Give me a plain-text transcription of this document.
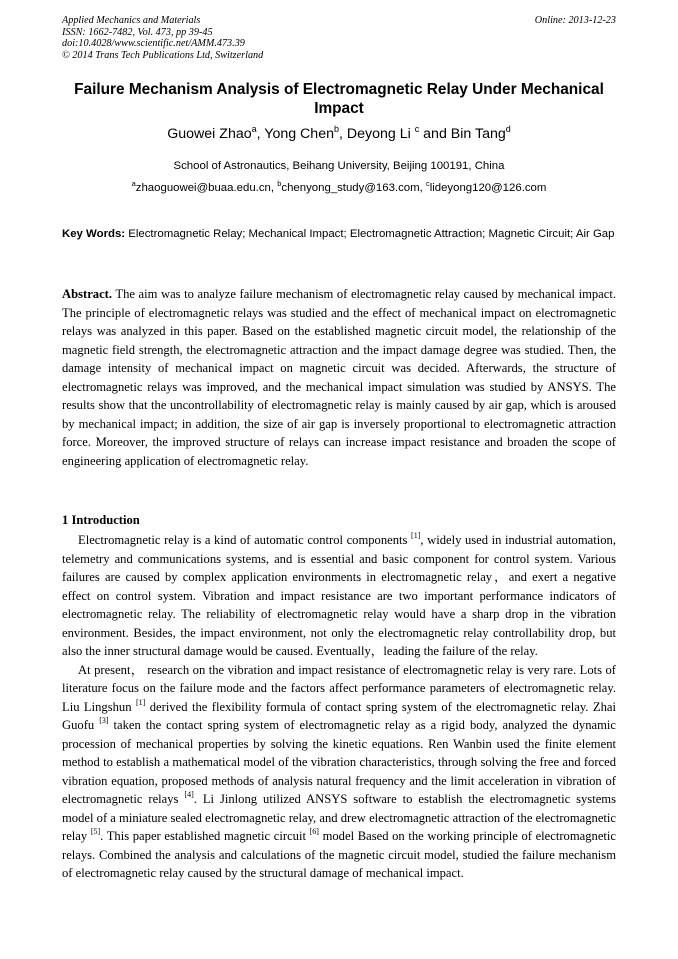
Applied Mechanics and Materials
ISSN: 1662-7482, Vol. 473, pp 39-45
doi:10.4028/www.scientific.net/AMM.473.39
© 2014 Trans Tech Publications Ltd, Switzerland
Online: 2013-12-23
Failure Mechanism Analysis of Electromagnetic Relay Under Mechanical Impact
Guowei Zhao$^a$, Yong Chen$^b$, Deyong Li $^c$ and Bin Tang$^d$
School of Astronautics, Beihang University, Beijing 100191, China
$^a$zhaoguowei@buaa.edu.cn, $^b$chenyong_study@163.com, $^c$lideyong120@126.com
Key Words: Electromagnetic Relay; Mechanical Impact; Electromagnetic Attraction; Magnetic Circuit; Air Gap
Abstract. The aim was to analyze failure mechanism of electromagnetic relay caused by mechanical impact. The principle of electromagnetic relays was studied and the effect of mechanical impact on electromagnetic relays was analyzed in this paper. Based on the established magnetic circuit model, the relationship of the magnetic field strength, the electromagnetic attraction and the impact damage degree was studied. Then, the damage intensity of mechanical impact on magnetic circuit was decided. Afterwards, the structure of electromagnetic relays was improved, and the mechanical impact simulation was studied by ANSYS. The results show that the uncontrollability of electromagnetic relay is mainly caused by air gap, which is aroused by mechanical impact; in addition, the size of air gap is inversely proportional to electromagnetic attraction force. Moreover, the improved structure of relays can increase impact resistance and broaden the scope of engineering application of electromagnetic relay.
1 Introduction

Electromagnetic relay is a kind of automatic control components [1], widely used in industrial automation, telemetry and communications systems, and is essential and basic component for control system. Various failures are caused by complex application environments in electromagnetic relay，and exert a negative effect on control system. Vibration and impact resistance are two important performance indicators of electromagnetic relay. The reliability of electromagnetic relay would have a sharp drop in the vibration environment. Besides, the impact environment, not only the electromagnetic relay controllability drop, but also the inner structural damage would be caused. Eventually，leading the failure of the relay.

At present， research on the vibration and impact resistance of electromagnetic relay is very rare. Lots of literature focus on the failure mode and the factors affect performance parameters of electromagnetic relay. Liu Lingshun [1] derived the flexibility formula of contact spring system of the electromagnetic relay. Zhai Guofu [3] taken the contact spring system of electromagnetic relay as a rigid body, analyzed the dynamic procession of mechanical properties by solving the kinetic equations. Ren Wanbin used the finite element method to establish a mathematical model of the vibration characteristics, through solving the free and forced vibration equation, proposed methods of analysis natural frequency and the limit acceleration in vibration of electromagnetic relays [4]. Li Jinlong utilized ANSYS software to establish the electromagnetic systems model of a miniature sealed electromagnetic relay, and drew electromagnetic attraction of the electromagnetic relay [5]. This paper established magnetic circuit [6] model Based on the working principle of electromagnetic relays. Combined the analysis and calculations of the magnetic circuit model, studied the failure mechanism of electromagnetic relay caused by the structural damage of mechanical impact.
